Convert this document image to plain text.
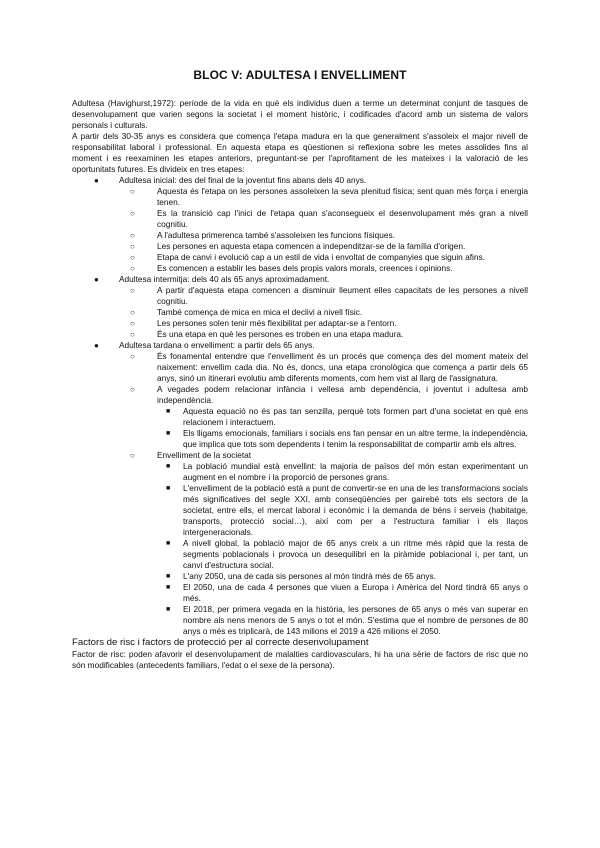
BLOC V: ADULTESA I ENVELLIMENT

Adultesa (Havighurst,1972): període de la vida en què els individus duen a terme un determinat conjunt de tasques de desenvolupament que varien segons la societat i el moment històric, i codificades d'acord amb un sistema de valors personals i culturals.

A partir dels 30-35 anys es considera que comença l'etapa madura en la que generalment s'assoleix el major nivell de responsabilitat laboral i professional. En aquesta etapa es qüestionen si reflexiona sobre les metes assolides fins al moment i es reexaminen les etapes anteriors, preguntant-se per l'aprofitament de les mateixes i la valoració de les oportunitats futures. Es divideix en tres etapes:

● Adultesa inicial: des del final de la joventut fins abans dels 40 anys.
○	Aquesta és l'etapa on les persones assoleixen la seva plenitud física; sent quan més força i energia tenen.
○	Es la transició cap l'inici de l'etapa quan s'aconsegueix el desenvolupament més gran a nivell cognitiu.
○	A l'adultesa primerenca també s'assoleixen les funcions físiques.
○	Les persones en aquesta etapa comencen a independitzar-se de la família d'origen.
○	Etapa de canvi i evolució cap a un estil de vida i envoltat de companyies que siguin afins.
○	Es comencen a establir les bases dels propis valors morals, creences i opinions.
● Adultesa intermitja: dels 40 als 65 anys aproximadament.
○	A partir d'aquesta etapa comencen a disminuir lleument elles capacitats de les persones a nivell cognitiu.
○	També comença de mica en mica el declivi a nivell físic.
○	Les persones solen tenir més flexibilitat per adaptar-se a l'entorn.
○	És una etapa en què les persones es troben en una etapa madura.
● Adultesa tardana o envelliment: a partir dels 65 anys.
○	És fonamental entendre que l'envelliment és un procés que comença des del moment mateix del naixement: envellim cada dia. No és, doncs, una etapa cronològica que comença a partir dels 65 anys, sinó un itinerari evolutiu amb diferents moments, com hem vist al llarg de l'assignatura.
○	A vegades podem relacionar infància i vellesa amb dependència, i joventut i adultesa amb independència.
■ Aquesta equació no és pas tan senzilla, perquè tots formen part d'una societat en què ens relacionem i interactuem.
■ Els lligams emocionals, familiars i socials ens fan pensar en un altre terme, la independència, que implica que tots som dependents i tenim la responsabilitat de compartir amb els altres.
○	Envelliment de la societat
■ La població mundial està envellint: la majoria de països del món estan experimentant un augment en el nombre i la proporció de persones grans.
■ L'envelliment de la població està a punt de convertir-se en una de les transformacions socials més significatives del segle XXI, amb conseqüències per gairebé tots els sectors de la societat, entre ells, el mercat laboral i econòmic i la demanda de béns i serveis (habitatge, transports, protecció social…), així com per a l'estructura familiar i els llaços intergeneracionals.
■ A nivell global, la població major de 65 anys creix a un ritme més ràpid que la resta de segments poblacionals i provoca un desequilibri en la piràmide poblacional i, per tant, un canvi d'estructura social.
■ L'any 2050, una de cada sis persones al món tindrà més de 65 anys.
■ El 2050, una de cada 4 persones que viuen a Europa i Amèrica del Nord tindrà 65 anys o més.
■ El 2018, per primera vegada en la història, les persones de 65 anys o més van superar en nombre als nens menors de 5 anys o tot el món. S'estima que el nombre de persones de 80 anys o més es triplicarà, de 143 milions el 2019 a 426 milions el 2050.

Factors de risc i factors de protecció per al correcte desenvolupament

Factor de risc: poden afavorir el desenvolupament de malalties cardiovasculars, hi ha una sèrie de factors de risc que no són modificables (antecedents familiars, l'edat o el sexe de la persona).
